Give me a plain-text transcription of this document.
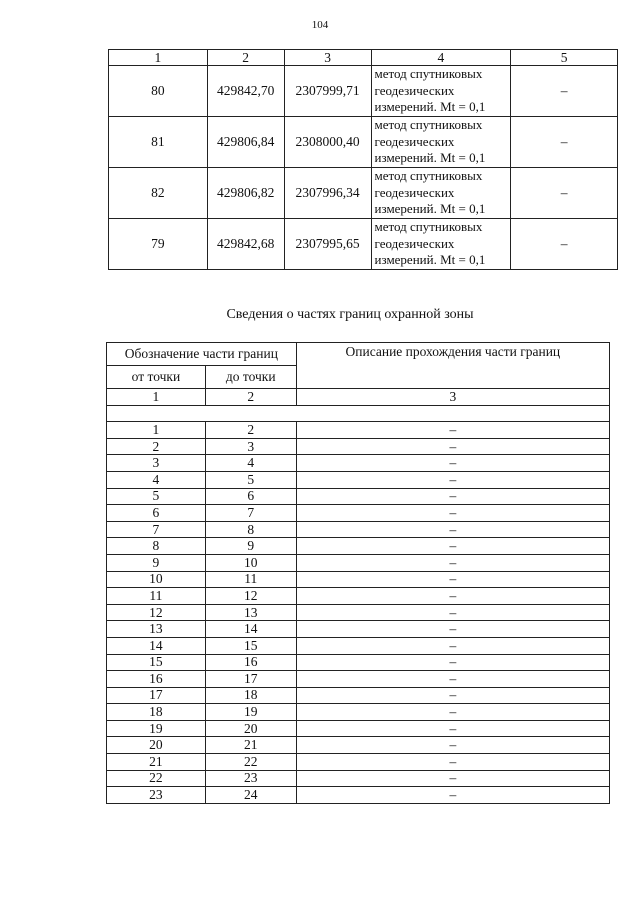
104
1	2	3	4	5
80	429842,70	2307999,71	метод спутниковых
геодезических
измерений. Mt = 0,1	–
81	429806,84	2308000,40	метод спутниковых
геодезических
измерений. Mt = 0,1	–
82	429806,82	2307996,34	метод спутниковых
геодезических
измерений. Mt = 0,1	–
79	429842,68	2307995,65	метод спутниковых
геодезических
измерений. Mt = 0,1	–
Сведения о частях границ охранной зоны
Обозначение части границ		Описание прохождения части границ
от точки	до точки	
1	2	3

1	2	–
2	3	–
3	4	–
4	5	–
5	6	–
6	7	–
7	8	–
8	9	–
9	10	–
10	11	–
11	12	–
12	13	–
13	14	–
14	15	–
15	16	–
16	17	–
17	18	–
18	19	–
19	20	–
20	21	–
21	22	–
22	23	–
23	24	–
